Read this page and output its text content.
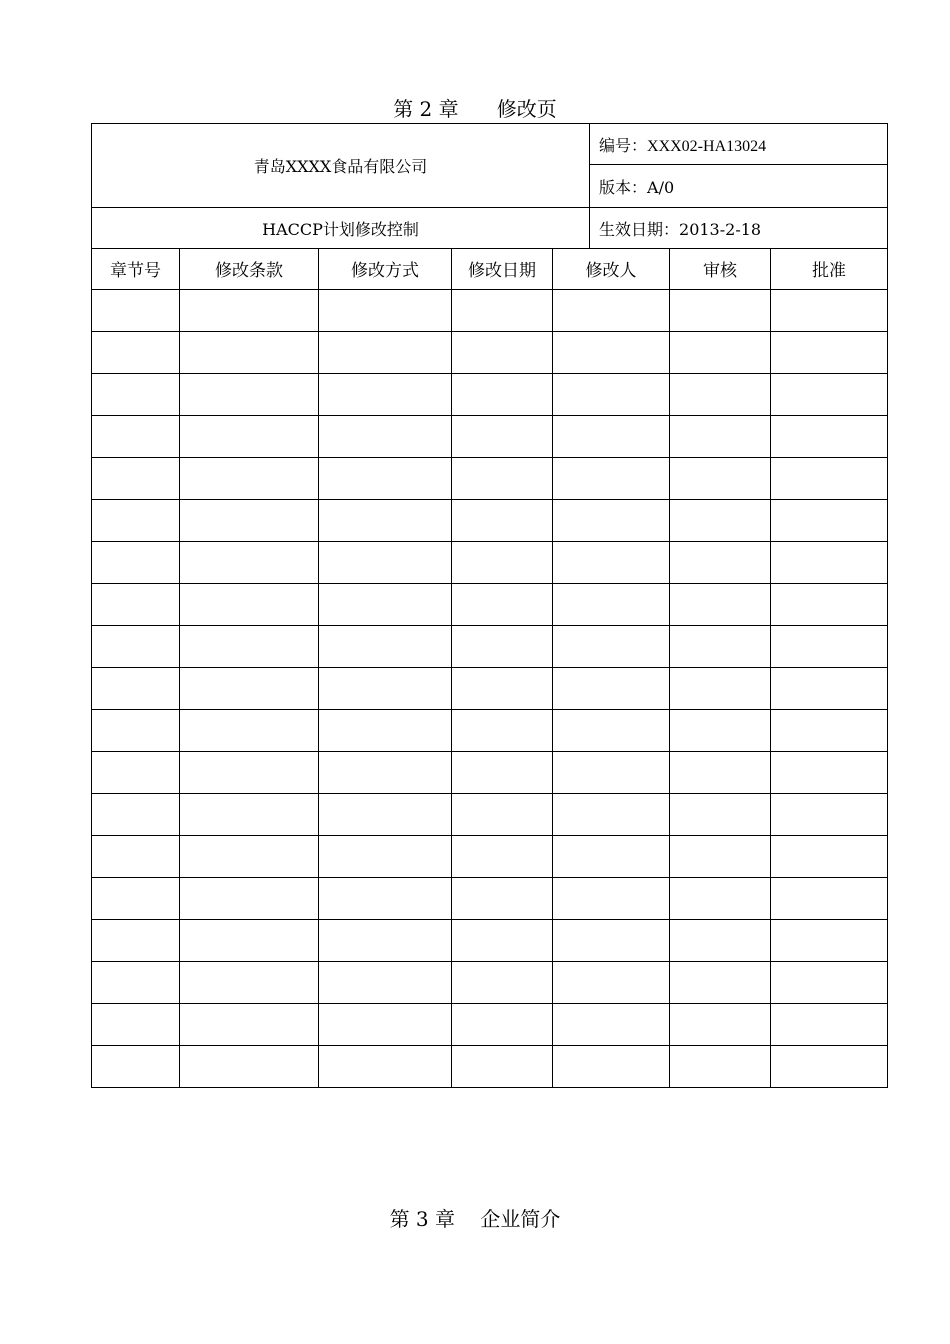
第 2 章      修改页
青岛XXXX食品有限公司	编号：XXX02-HA13024
	版本：A/0
HACCP计划修改控制	生效日期：2013-2-18
章节号	修改条款	修改方式	修改日期	修改人	审核	批准

第 3 章    企业简介
